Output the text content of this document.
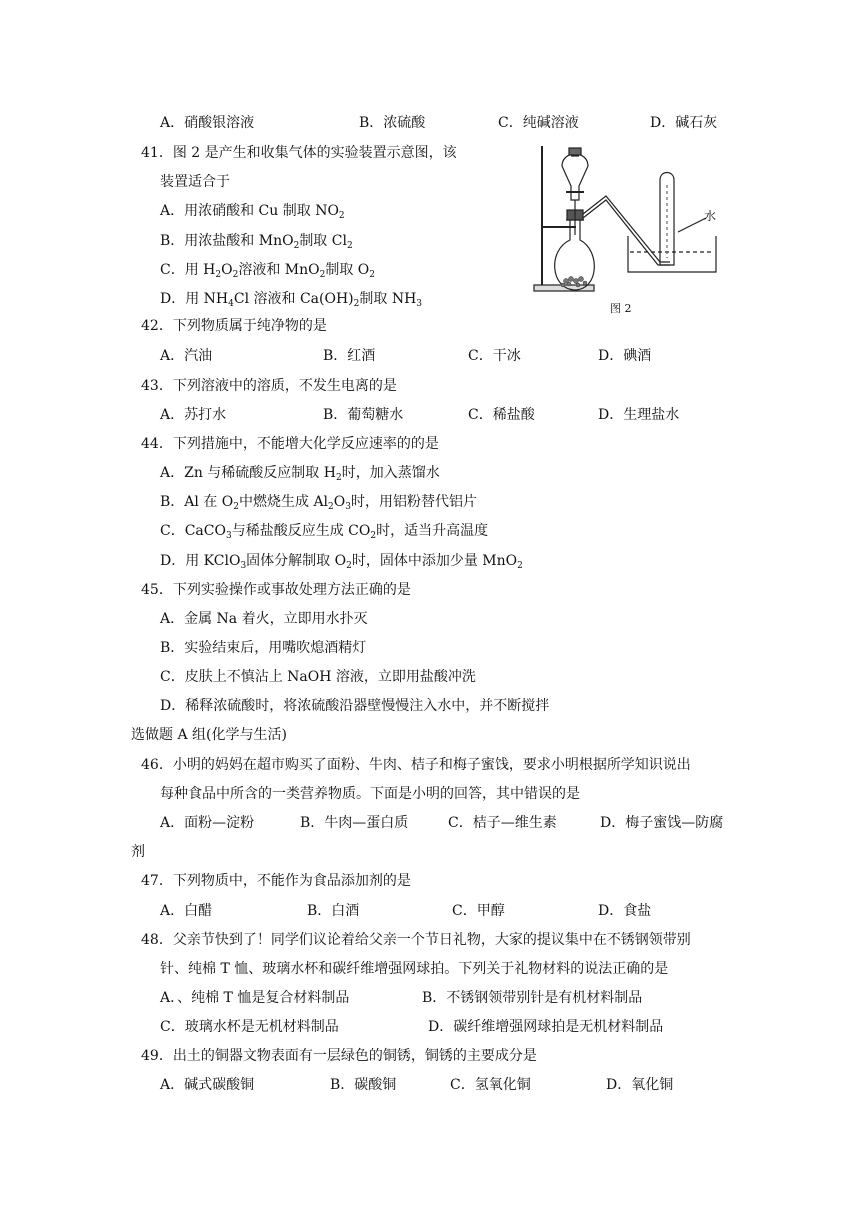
A．硝酸银溶液	B．浓硫酸	C．纯碱溶液	D．碱石灰
41．图 2 是产生和收集气体的实验装置示意图，该
装置适合于
A．用浓硝酸和 Cu 制取 $NO_2$
B．用浓盐酸和 MnO$_2$制取 $Cl_2$
C．用 $H_2O_2$溶液和 MnO$_2$制取 $O_2$
D．用 $NH_4Cl$ 溶液和 $Ca(OH)_2$制取 $NH_3$
水
图 2
42．下列物质属于纯净物的是
A．汽油	B．红酒	C．干冰	D．碘酒
43．下列溶液中的溶质，不发生电离的是
A．苏打水	B．葡萄糖水	C．稀盐酸	D．生理盐水
44．下列措施中，不能增大化学反应速率的的是
A．Zn 与稀硫酸反应制取 $H_2$时，加入蒸馏水
B．Al 在 $O_2$中燃烧生成 $Al_2O_3$时，用铝粉替代铝片
C．CaCO$_3$与稀盐酸反应生成 $CO_2$时，适当升高温度
D．用 KClO$_3$固体分解制取 $O_2$时，固体中添加少量 MnO$_2$
45．下列实验操作或事故处理方法正确的是
A．金属 Na 着火，立即用水扑灭
B．实验结束后，用嘴吹熄酒精灯
C．皮肤上不慎沾上 NaOH 溶液，立即用盐酸冲洗
D．稀释浓硫酸时，将浓硫酸沿器壁慢慢注入水中，并不断搅拌
选做题 A 组(化学与生活)
46．小明的妈妈在超市购买了面粉、牛肉、桔子和梅子蜜饯，要求小明根据所学知识说出
每种食品中所含的一类营养物质。下面是小明的回答，其中错误的是
A．面粉—淀粉	B．牛肉—蛋白质	C．桔子—维生素	D．梅子蜜饯—防腐
剂
47．下列物质中，不能作为食品添加剂的是
A．白醋	B．白酒	C．甲醇	D．食盐
48．父亲节快到了！同学们议论着给父亲一个节日礼物，大家的提议集中在不锈钢领带别
针、纯棉 T 恤、玻璃水杯和碳纤维增强网球拍。下列关于礼物材料的说法正确的是
A．、纯棉 T 恤是复合材料制品	B．不锈钢领带别针是有机材料制品
C．玻璃水杯是无机材料制品	D．碳纤维增强网球拍是无机材料制品
49．出土的铜器文物表面有一层绿色的铜锈，铜锈的主要成分是
A．碱式碳酸铜	B．碳酸铜	C．氢氧化铜	D．氧化铜
